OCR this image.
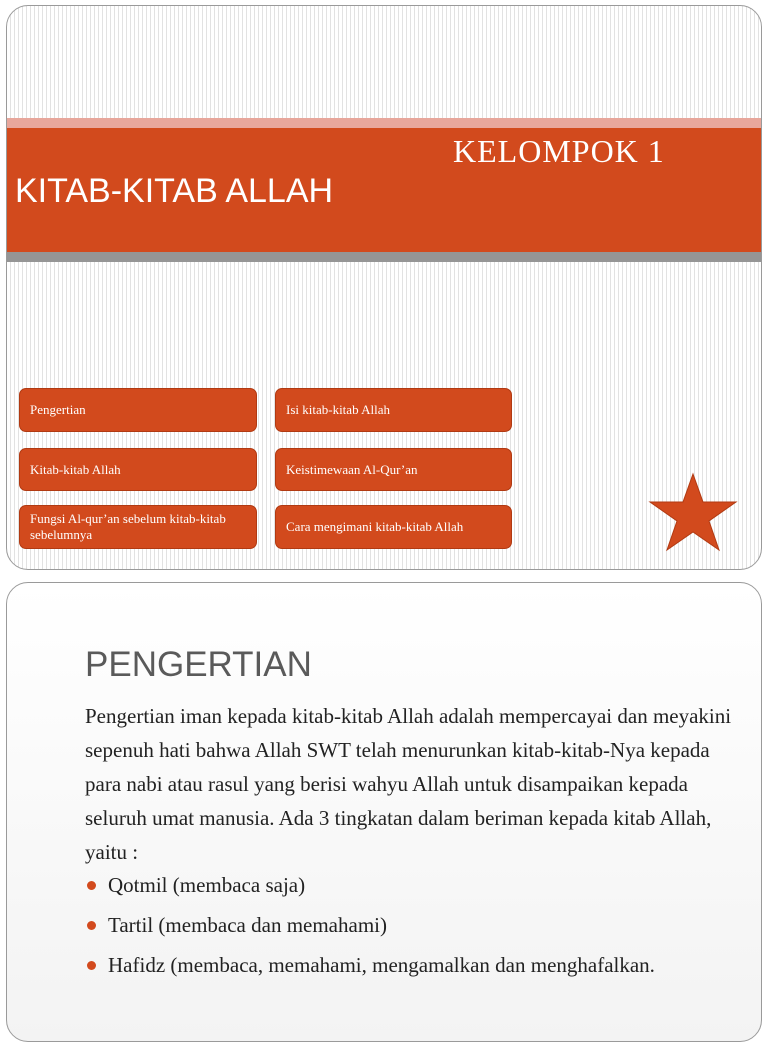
KELOMPOK 1
KITAB-KITAB ALLAH
Pengertian	Isi kitab-kitab Allah
Kitab-kitab Allah	Keistimewaan Al-Qur’an
Fungsi Al-qur’an sebelum kitab-kitab sebelumnya
Cara mengimani kitab-kitab Allah
PENGERTIAN

Pengertian iman kepada kitab-kitab Allah adalah mempercayai dan meyakini sepenuh hati bahwa Allah SWT telah menurunkan kitab-kitab-Nya kepada para nabi atau rasul yang berisi wahyu Allah untuk disampaikan kepada seluruh umat manusia. Ada 3 tingkatan dalam beriman kepada kitab Allah, yaitu :

Qotmil (membaca saja)
Tartil (membaca dan memahami)
Hafidz (membaca, memahami, mengamalkan dan menghafalkan.
